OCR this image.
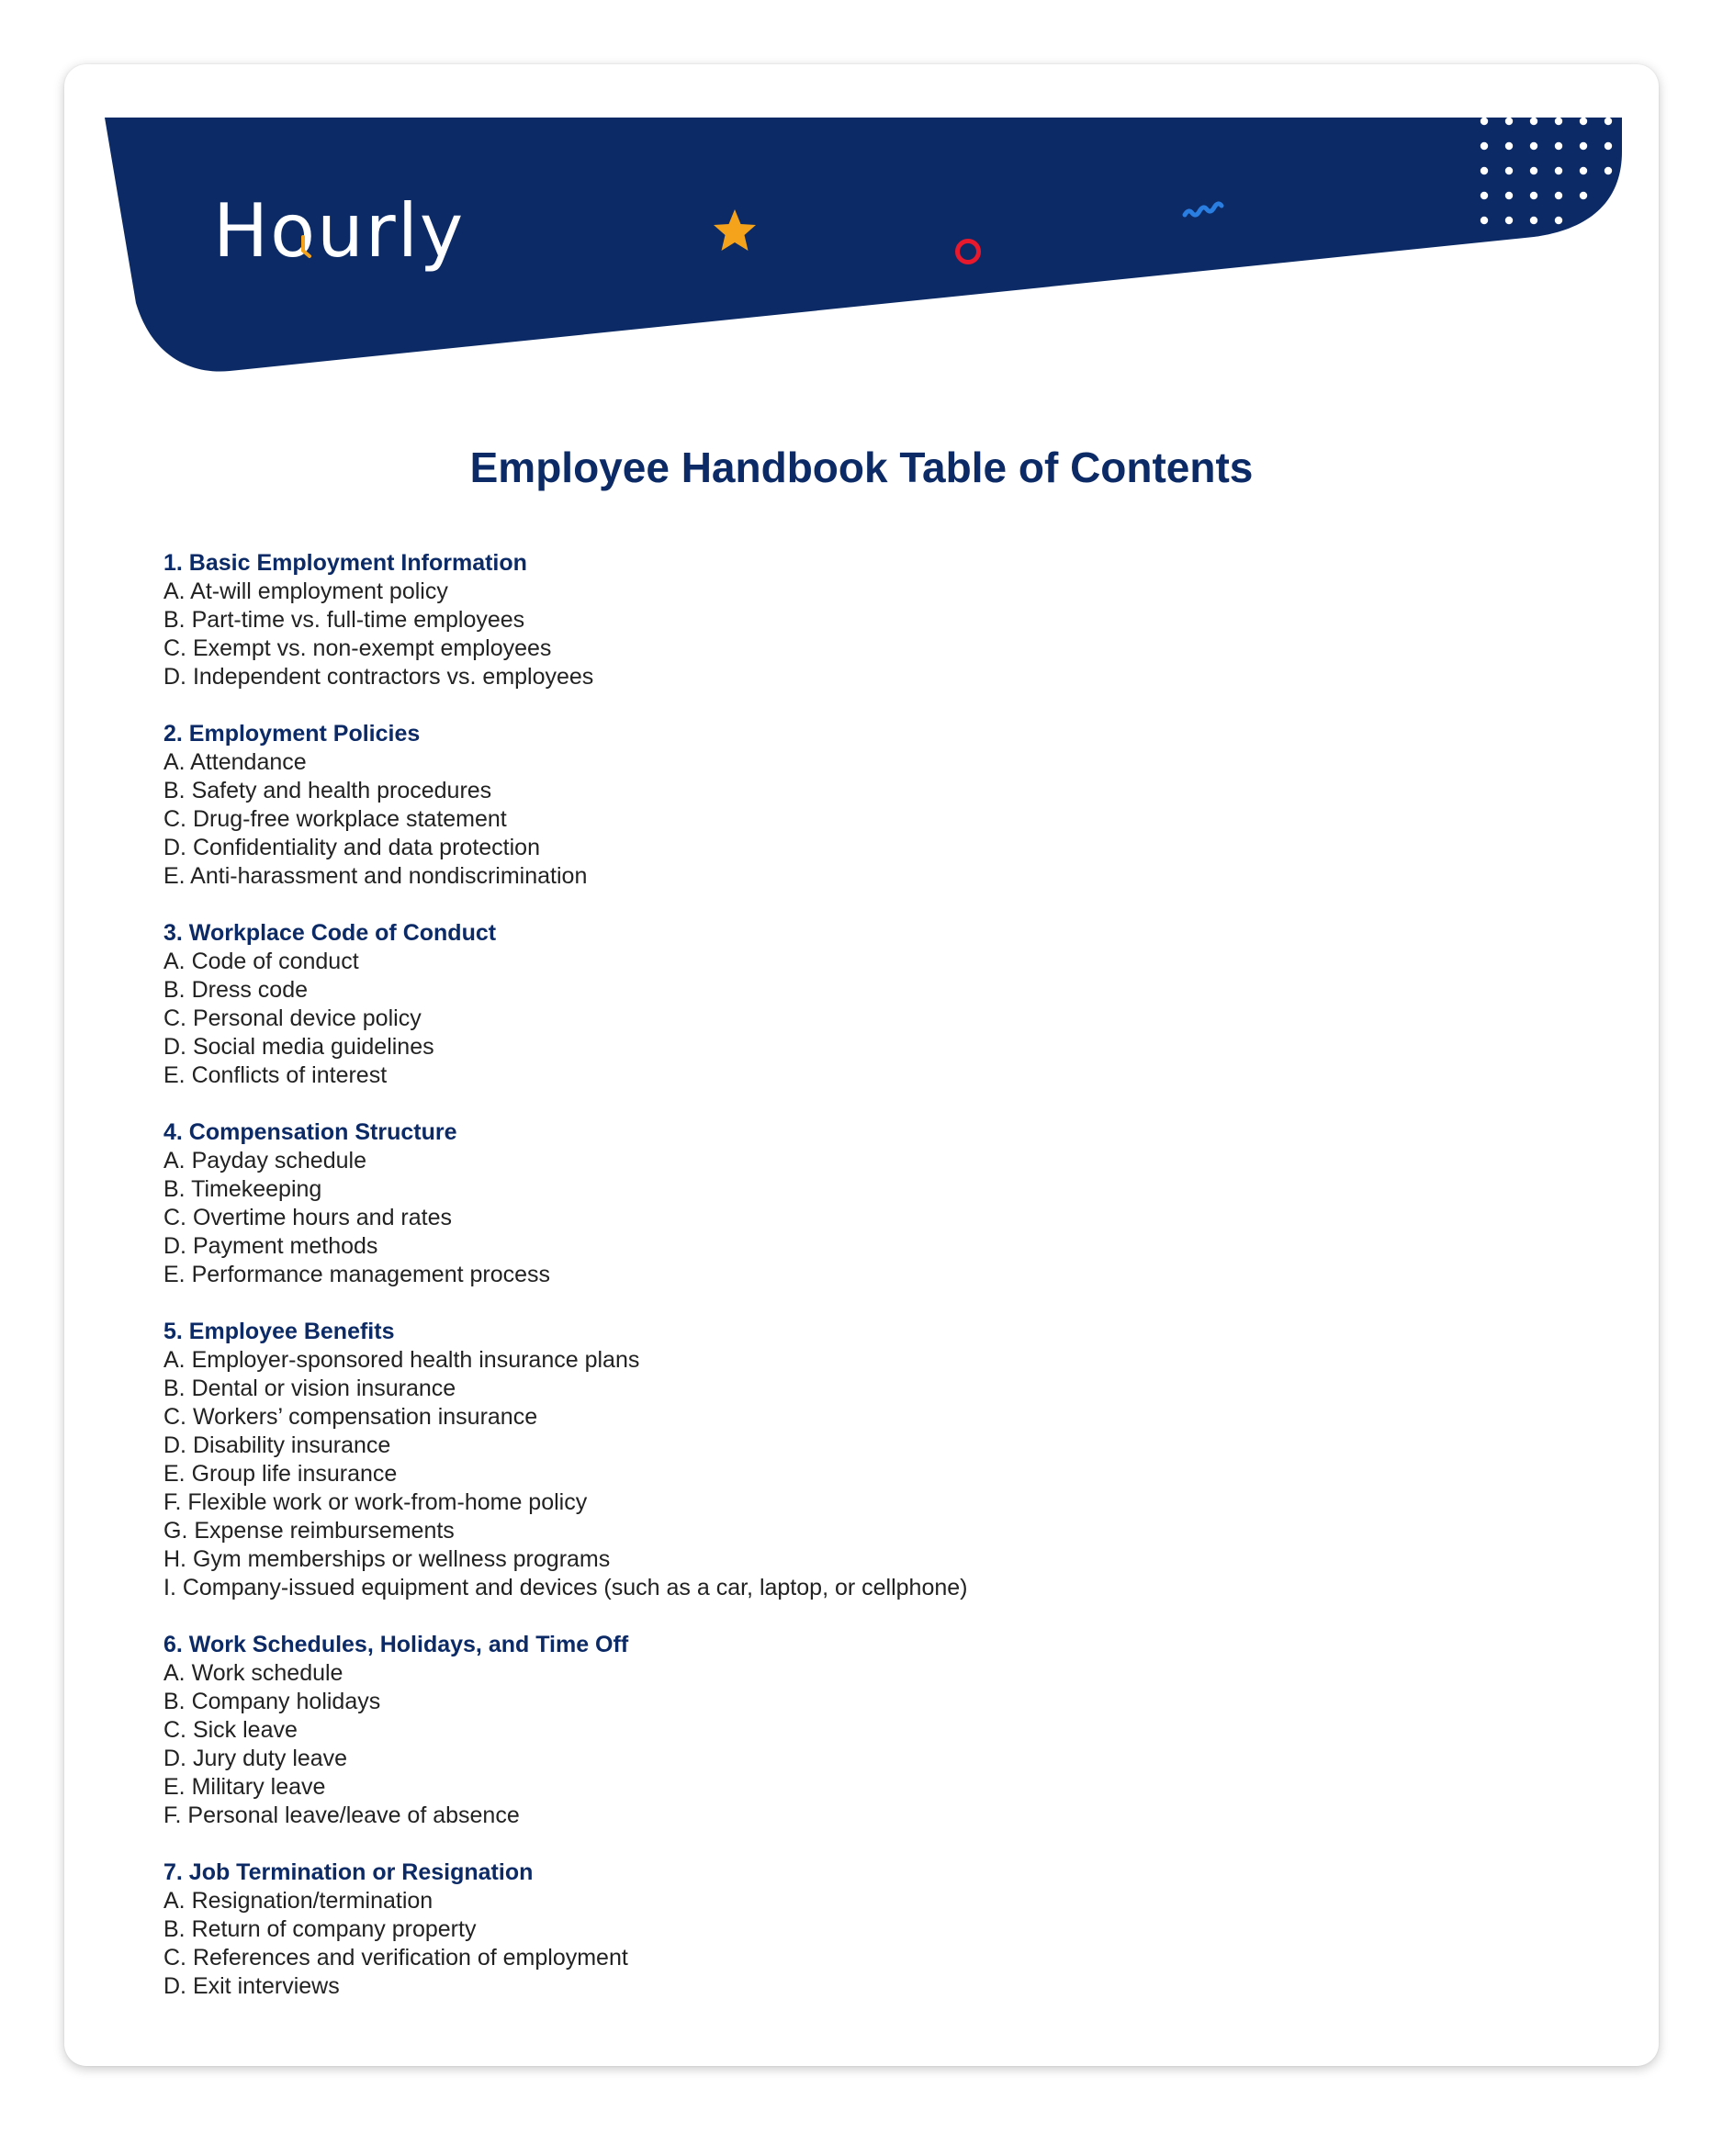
Hourly
Employee Handbook Table of Contents

1. Basic Employment Information

A. At-will employment policy

B. Part-time vs. full-time employees

C. Exempt vs. non-exempt employees

D. Independent contractors vs. employees

2. Employment Policies

A. Attendance

B. Safety and health procedures

C. Drug-free workplace statement

D. Confidentiality and data protection

E. Anti-harassment and nondiscrimination

3. Workplace Code of Conduct

A. Code of conduct

B. Dress code

C. Personal device policy

D. Social media guidelines

E. Conflicts of interest

4. Compensation Structure

A. Payday schedule

B. Timekeeping

C. Overtime hours and rates

D. Payment methods

E. Performance management process

5. Employee Benefits

A. Employer-sponsored health insurance plans

B. Dental or vision insurance

C. Workers’ compensation insurance

D. Disability insurance

E. Group life insurance

F. Flexible work or work-from-home policy

G. Expense reimbursements

H. Gym memberships or wellness programs

I. Company-issued equipment and devices (such as a car, laptop, or cellphone)

6. Work Schedules, Holidays, and Time Off

A. Work schedule

B. Company holidays

C. Sick leave

D. Jury duty leave

E. Military leave

F. Personal leave/leave of absence

7. Job Termination or Resignation

A. Resignation/termination

B. Return of company property

C. References and verification of employment

D. Exit interviews
